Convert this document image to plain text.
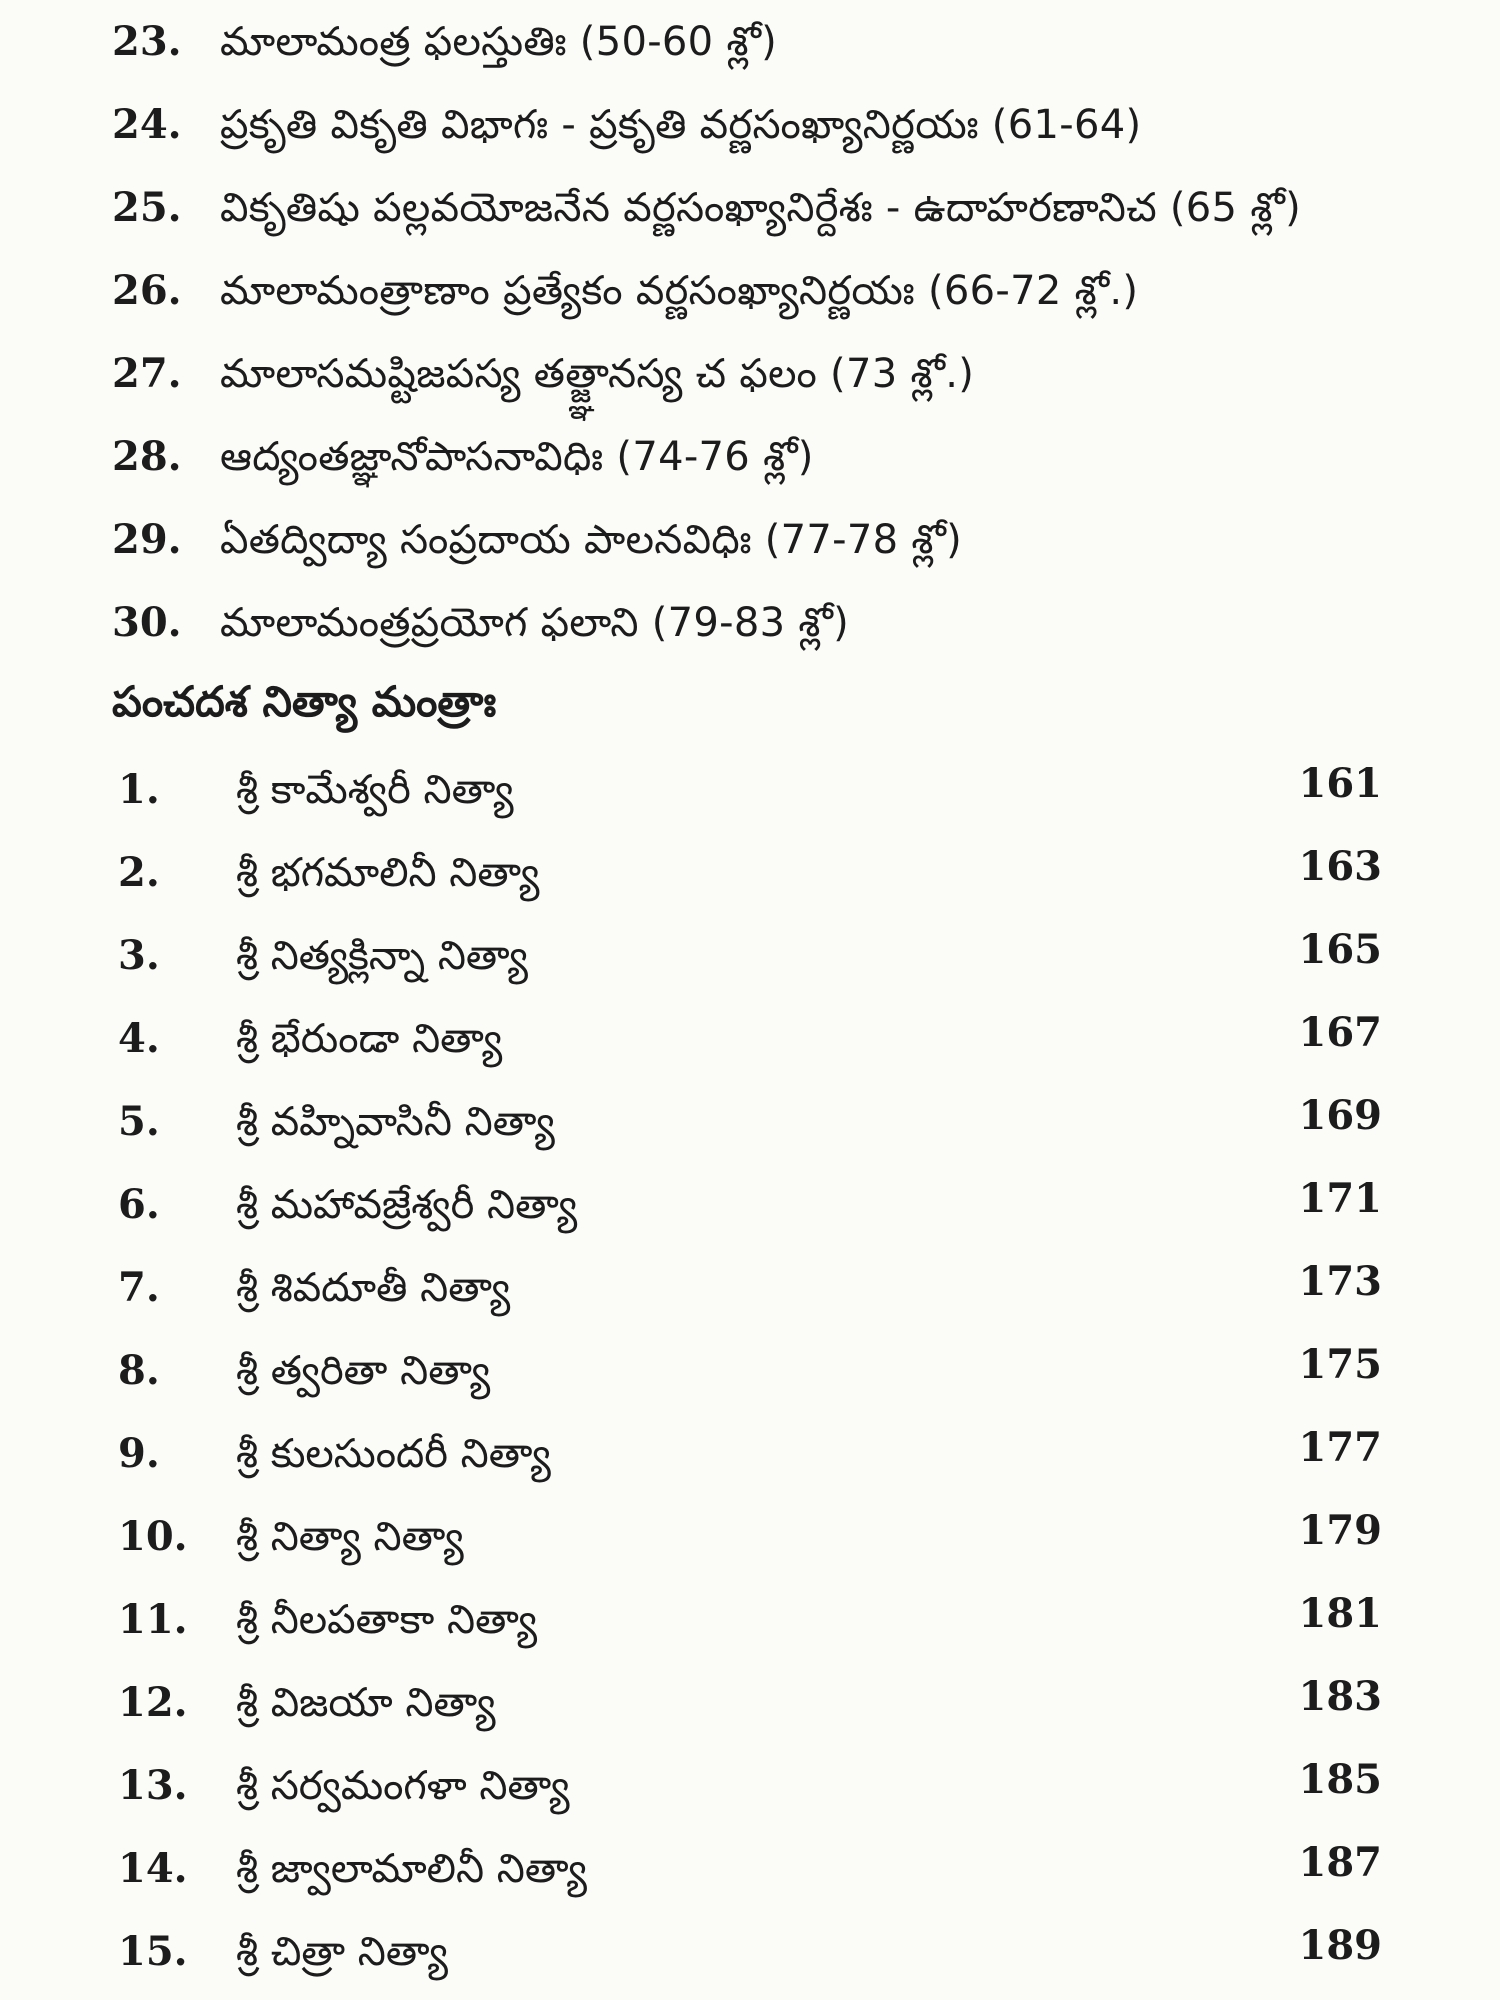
23. మాలామంత్ర ఫలస్తుతిః (50-60 శ్లో)
24. ప్రకృతి వికృతి విభాగః - ప్రకృతి వర్ణసంఖ్యానిర్ణయః (61-64)
25. వికృతిషు పల్లవయోజనేన వర్ణసంఖ్యానిర్దేశః - ఉదాహరణానిచ (65 శ్లో)
26. మాలామంత్రాణాం ప్రత్యేకం వర్ణసంఖ్యానిర్ణయః (66-72 శ్లో.)
27. మాలాసమష్టిజపస్య తత్జ్ఞానస్య చ ఫలం (73 శ్లో.)
28. ఆద్యంతజ్ఞానోపాసనావిధిః (74-76 శ్లో)
29. ఏతద్విద్యా సంప్రదాయ పాలనవిధిః (77-78 శ్లో)
30. మాలామంత్రప్రయోగ ఫలాని (79-83 శ్లో)
పంచదశ నిత్యా మంత్రాః
1. శ్రీ కామేశ్వరీ నిత్యా	161
2. శ్రీ భగమాలినీ నిత్యా	163
3. శ్రీ నిత్యక్లిన్నా నిత్యా	165
4. శ్రీ భేరుండా నిత్యా	167
5. శ్రీ వహ్నివాసినీ నిత్యా	169
6. శ్రీ మహావజ్రేశ్వరీ నిత్యా	171
7. శ్రీ శివదూతీ నిత్యా	173
8. శ్రీ త్వరితా నిత్యా	175
9. శ్రీ కులసుందరీ నిత్యా	177
10. శ్రీ నిత్యా నిత్యా	179
11. శ్రీ నీలపతాకా నిత్యా	181
12. శ్రీ విజయా నిత్యా	183
13. శ్రీ సర్వమంగళా నిత్యా	185
14. శ్రీ జ్వాలామాలినీ నిత్యా	187
15. శ్రీ చిత్రా నిత్యా	189
